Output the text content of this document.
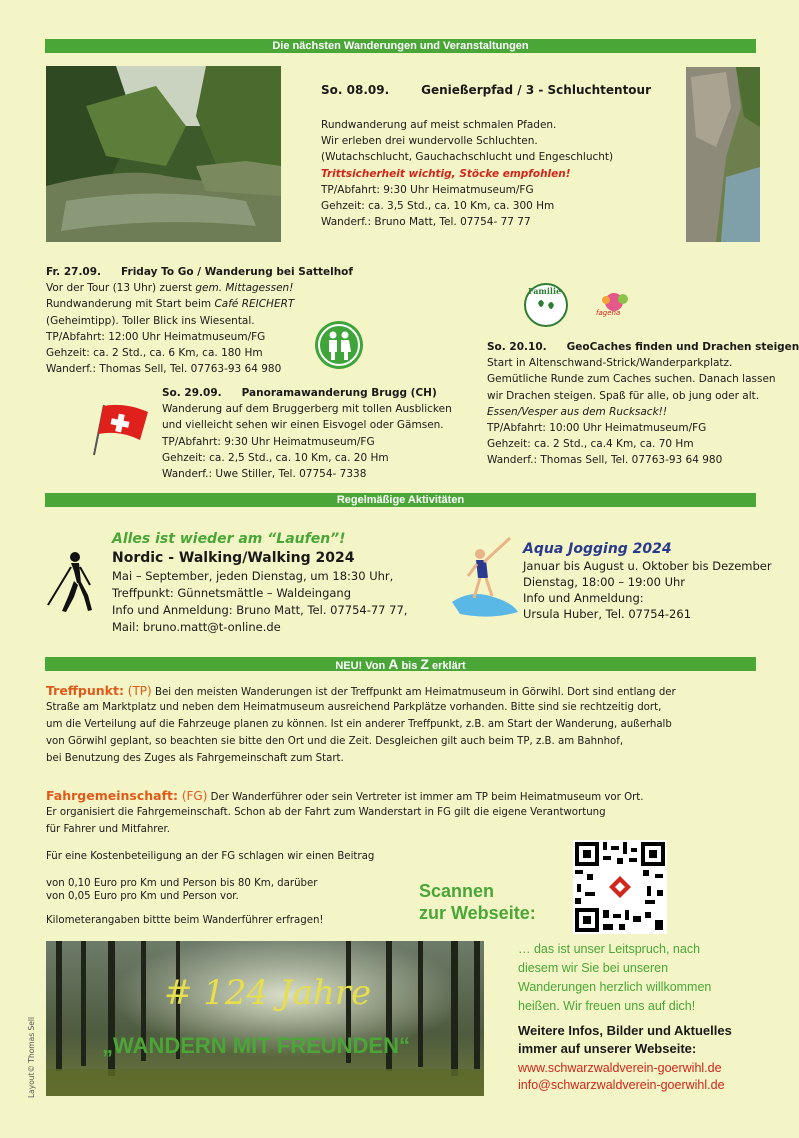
Die nächsten Wanderungen und Veranstaltungen
So. 08.09.	Genießerpfad / 3 - Schluchtentour
Rundwanderung auf meist schmalen Pfaden.
Wir erleben drei wundervolle Schluchten.
(Wutachschlucht, Gauchachschlucht und Engeschlucht)
Trittsicherheit wichtig, Stöcke empfohlen!
TP/Abfahrt: 9:30 Uhr Heimatmuseum/FG
Gehzeit: ca. 3,5 Std., ca. 10 Km, ca. 300 Hm
Wanderf.: Bruno Matt, Tel. 07754- 77 77
Fr. 27.09. Friday To Go / Wanderung bei Sattelhof
Vor der Tour (13 Uhr) zuerst gem. Mittagessen!
Rundwanderung mit Start beim Café REICHERT
(Geheimtipp). Toller Blick ins Wiesental.
TP/Abfahrt: 12:00 Uhr Heimatmuseum/FG
Gehzeit: ca. 2 Std., ca. 6 Km, ca. 180 Hm
Wanderf.: Thomas Sell, Tel. 07763-93 64 980
Familie
fagena
So. 20.10. GeoCaches finden und Drachen steigen
Start in Altenschwand-Strick/Wanderparkplatz.
Gemütliche Runde zum Caches suchen. Danach lassen
wir Drachen steigen. Spaß für alle, ob jung oder alt.
Essen/Vesper aus dem Rucksack!!
TP/Abfahrt: 10:00 Uhr Heimatmuseum/FG
Gehzeit: ca. 2 Std., ca.4 Km, ca. 70 Hm
Wanderf.: Thomas Sell, Tel. 07763-93 64 980
So. 29.09. Panoramawanderung Brugg (CH)
Wanderung auf dem Bruggerberg mit tollen Ausblicken
und vielleicht sehen wir einen Eisvogel oder Gämsen.
TP/Abfahrt: 9:30 Uhr Heimatmuseum/FG
Gehzeit: ca. 2,5 Std., ca. 10 Km, ca. 20 Hm
Wanderf.: Uwe Stiller, Tel. 07754- 7338
Regelmäßige Aktivitäten
Alles ist wieder am “Laufen”!
Nordic - Walking/Walking 2024
Mai – September, jeden Dienstag, um 18:30 Uhr,
Treffpunkt: Günnetsmättle – Waldeingang
Info und Anmeldung: Bruno Matt, Tel. 07754-77 77,
Mail: bruno.matt@t-online.de
Aqua Jogging 2024
Januar bis August u. Oktober bis Dezember
Dienstag, 18:00 – 19:00 Uhr
Info und Anmeldung:
Ursula Huber, Tel. 07754-261
NEU! Von A bis Z erklärt
Treffpunkt: (TP) Bei den meisten Wanderungen ist der Treffpunkt am Heimatmuseum in Görwihl. Dort sind entlang der
Straße am Marktplatz und neben dem Heimatmuseum ausreichend Parkplätze vorhanden. Bitte sind sie rechtzeitig dort,
um die Verteilung auf die Fahrzeuge planen zu können. Ist ein anderer Treffpunkt, z.B. am Start der Wanderung, außerhalb
von Görwihl geplant, so beachten sie bitte den Ort und die Zeit. Desgleichen gilt auch beim TP, z.B. am Bahnhof,
bei Benutzung des Zuges als Fahrgemeinschaft zum Start.
Fahrgemeinschaft: (FG) Der Wanderführer oder sein Vertreter ist immer am TP beim Heimatmuseum vor Ort.
Er organisiert die Fahrgemeinschaft. Schon ab der Fahrt zum Wanderstart in FG gilt die eigene Verantwortung
für Fahrer und Mitfahrer.
Für eine Kostenbeteiligung an der FG schlagen wir einen Beitrag
von 0,10 Euro pro Km und Person bis 80 Km, darüber
von 0,05 Euro pro Km und Person vor.
Kilometerangaben bittte beim Wanderführer erfragen!
Scannen
zur Webseite:
# 124 Jahre
„WANDERN MIT FREUNDEN“
Layout© Thomas Sell
… das ist unser Leitspruch, nach
diesem wir Sie bei unseren
Wanderungen herzlich willkommen
heißen. Wir freuen uns auf dich!
Weitere Infos, Bilder und Aktuelles
immer auf unserer Webseite:
www.schwarzwaldverein-goerwihl.de
info@schwarzwaldverein-goerwihl.de
